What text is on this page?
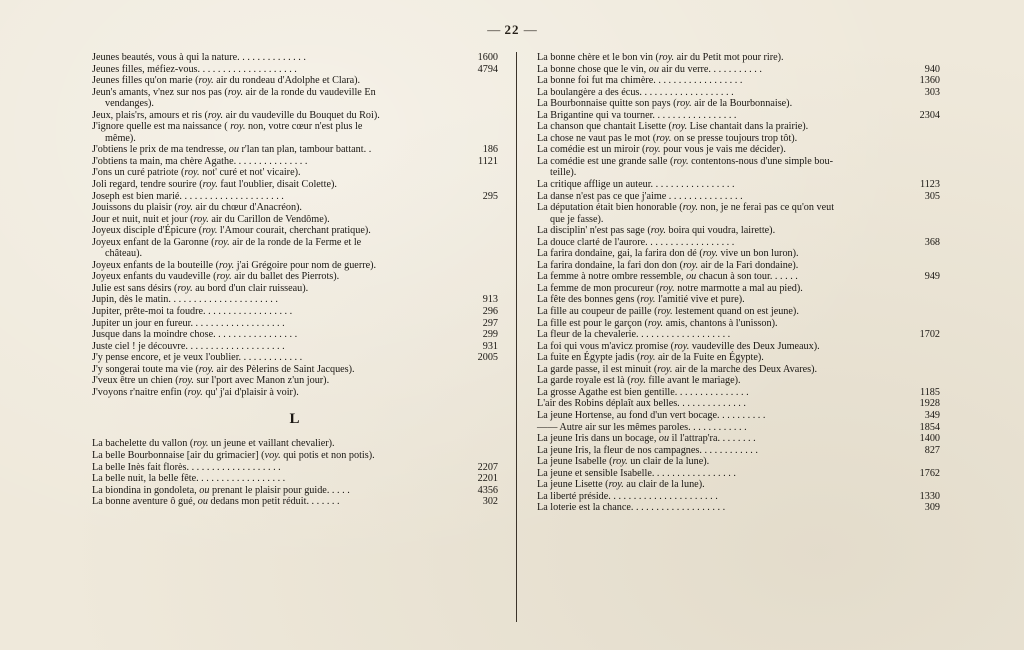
— 22 —
Jeunes beautés, vous à qui la nature. . . . . . . . . . . . . .	1600
Jeunes filles, méfiez-vous. . . . . . . . . . . . . . . . . . . .	4794
Jeunes filles qu'on marie (roy. air du rondeau d'Adolphe et Clara).
Jeun's amants, v'nez sur nos pas (roy. air de la ronde du vaudeville En
vendanges).
Jeux, plais'rs, amours et ris (roy. air du vaudeville du Bouquet du Roi).
J'ignore quelle est ma naissance ( roy. non, votre cœur n'est plus le
même).
J'obtiens le prix de ma tendresse, ou r'lan tan plan, tambour battant. .	186
J'obtiens ta main, ma chère Agathe. . . . . . . . . . . . . . .	1121
J'ons un curé patriote (roy. not' curé et not' vicaire).
Joli regard, tendre sourire (roy. faut l'oublier, disait Colette).
Joseph est bien marié. . . . . . . . . . . . . . . . . . . . .	295
Jouissons du plaisir (roy. air du chœur d'Anacréon).
Jour et nuit, nuit et jour (roy. air du Carillon de Vendôme).
Joyeux disciple d'Épicure (roy. l'Amour courait, cherchant pratique).
Joyeux enfant de la Garonne (roy. air de la ronde de la Ferme et le
château).
Joyeux enfants de la bouteille (roy. j'ai Grégoire pour nom de guerre).
Joyeux enfants du vaudeville (roy. air du ballet des Pierrots).
Julie est sans désirs (roy. au bord d'un clair ruisseau).
Jupin, dès le matin. . . . . . . . . . . . . . . . . . . . . .	913
Jupiter, prête-moi ta foudre. . . . . . . . . . . . . . . . . .	296
Jupiter un jour en fureur. . . . . . . . . . . . . . . . . . .	297
Jusque dans la moindre chose. . . . . . . . . . . . . . . . .	299
Juste ciel ! je découvre. . . . . . . . . . . . . . . . . . . .	931
J'y pense encore, et je veux l'oublier. . . . . . . . . . . . .	2005
J'y songerai toute ma vie (roy. air des Pèlerins de Saint Jacques).
J'veux être un chien (roy. sur l'port avec Manon z'un jour).
J'voyons r'naitre enfin (roy. qu' j'ai d'plaisir à voir).
L
La bachelette du vallon (roy. un jeune et vaillant chevalier).
La belle Bourbonnaise [air du grimacier] (voy. qui potis et non potis).
La belle Inès fait florès. . . . . . . . . . . . . . . . . . .	2207
La belle nuit, la belle fête. . . . . . . . . . . . . . . . . .	2201
La biondina in gondoleta, ou prenant le plaisir pour guide. . . . .	4356
La bonne aventure ô gué, ou dedans mon petit réduit. . . . . . .	302
La bonne chère et le bon vin (roy. air du Petit mot pour rire).
La bonne chose que le vin, ou air du verre. . . . . . . . . . .	940
La bonne foi fut ma chimère. . . . . . . . . . . . . . . . . .	1360
La boulangère a des écus. . . . . . . . . . . . . . . . . . .	303
La Bourbonnaise quitte son pays (roy. air de la Bourbonnaise).
La Brigantine qui va tourner. . . . . . . . . . . . . . . . .	2304
La chanson que chantait Lisette (roy. Lise chantait dans la prairie).
La chose ne vaut pas le mot (roy. on se presse toujours trop tôt).
La comédie est un miroir (roy. pour vous je vais me décider).
La comédie est une grande salle (roy. contentons-nous d'une simple bou-
teille).
La critique afflige un auteur. . . . . . . . . . . . . . . . .	1123
La danse n'est pas ce que j'aime . . . . . . . . . . . . . . .	305
La députation était bien honorable (roy. non, je ne ferai pas ce qu'on veut
que je fasse).
La disciplin' n'est pas sage (roy. boira qui voudra, lairette).
La douce clarté de l'aurore. . . . . . . . . . . . . . . . . .	368
La farira dondaine, gai, la farira don dé (roy. vive un bon luron).
La farira dondaine, la fari don don (roy. air de la Fari dondaine).
La femme à notre ombre ressemble, ou chacun à son tour. . . . . .	949
La femme de mon procureur (roy. notre marmotte a mal au pied).
La fête des bonnes gens (roy. l'amitié vive et pure).
La fille au coupeur de paille (roy. lestement quand on est jeune).
La fille est pour le garçon (roy. amis, chantons à l'unisson).
La fleur de la chevalerie. . . . . . . . . . . . . . . . . . .	1702
La foi qui vous m'avicz promise (roy. vaudeville des Deux Jumeaux).
La fuite en Égypte jadis (roy. air de la Fuite en Égypte).
La garde passe, il est minuit (roy. air de la marche des Deux Avares).
La garde royale est là (roy. fille avant le mariage).
La grosse Agathe est bien gentille. . . . . . . . . . . . . . .	1185
L'air des Robins déplaît aux belles. . . . . . . . . . . . . .	1928
La jeune Hortense, au fond d'un vert bocage. . . . . . . . . .	349
—— Autre air sur les mêmes paroles. . . . . . . . . . . .	1854
La jeune Iris dans un bocage, ou il l'attrap'ra. . . . . . . .	1400
La jeune Iris, la fleur de nos campagnes. . . . . . . . . . . .	827
La jeune Isabelle (roy. un clair de la lune).
La jeune et sensible Isabelle. . . . . . . . . . . . . . . . .	1762
La jeune Lisette (roy. au clair de la lune).
La liberté préside. . . . . . . . . . . . . . . . . . . . . .	1330
La loterie est la chance. . . . . . . . . . . . . . . . . . .	309
